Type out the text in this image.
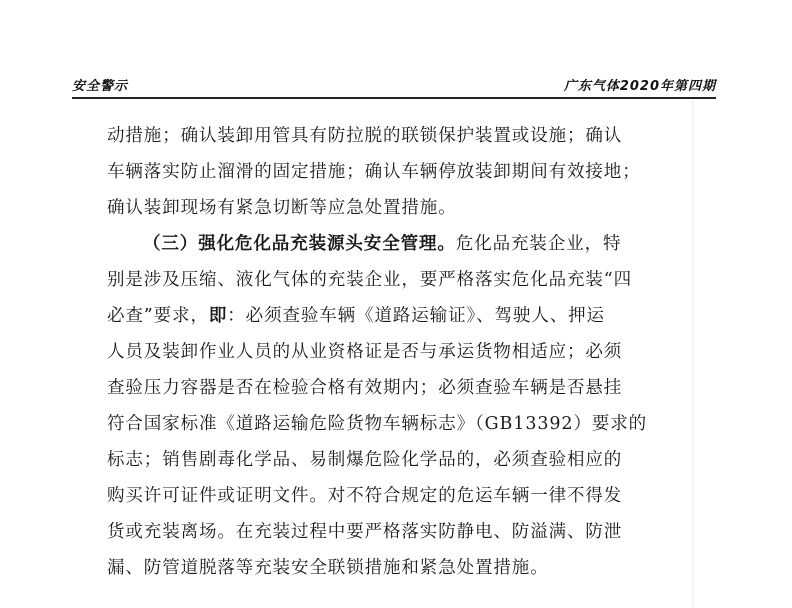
安全警示	广东气体2020年第四期
动措施；确认装卸用管具有防拉脱的联锁保护装置或设施；确认
车辆落实防止溜滑的固定措施；确认车辆停放装卸期间有效接地；
确认装卸现场有紧急切断等应急处置措施。
（三）强化危化品充装源头安全管理。危化品充装企业，特
别是涉及压缩、液化气体的充装企业，要严格落实危化品充装“四
必查”要求，即：必须查验车辆《道路运输证》、驾驶人、押运
人员及装卸作业人员的从业资格证是否与承运货物相适应；必须
查验压力容器是否在检验合格有效期内；必须查验车辆是否悬挂
符合国家标准《道路运输危险货物车辆标志》（GB13392）要求的
标志；销售剧毒化学品、易制爆危险化学品的，必须查验相应的
购买许可证件或证明文件。对不符合规定的危运车辆一律不得发
货或充装离场。在充装过程中要严格落实防静电、防溢满、防泄
漏、防管道脱落等充装安全联锁措施和紧急处置措施。
